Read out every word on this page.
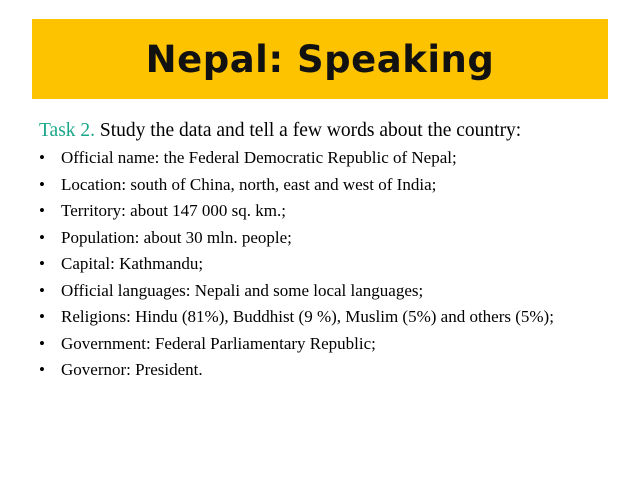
Nepal: Speaking

Task 2. Study the data and tell a few words about the country:

• Official name: the Federal Democratic Republic of Nepal;
• Location: south of China, north, east and west of India;
• Territory: about 147 000 sq. km.;
• Population: about 30 mln. people;
• Capital: Kathmandu;
• Official languages: Nepali and some local languages;
• Religions: Hindu (81%), Buddhist (9 %), Muslim (5%) and others (5%);
• Government: Federal Parliamentary Republic;
• Governor: President.
